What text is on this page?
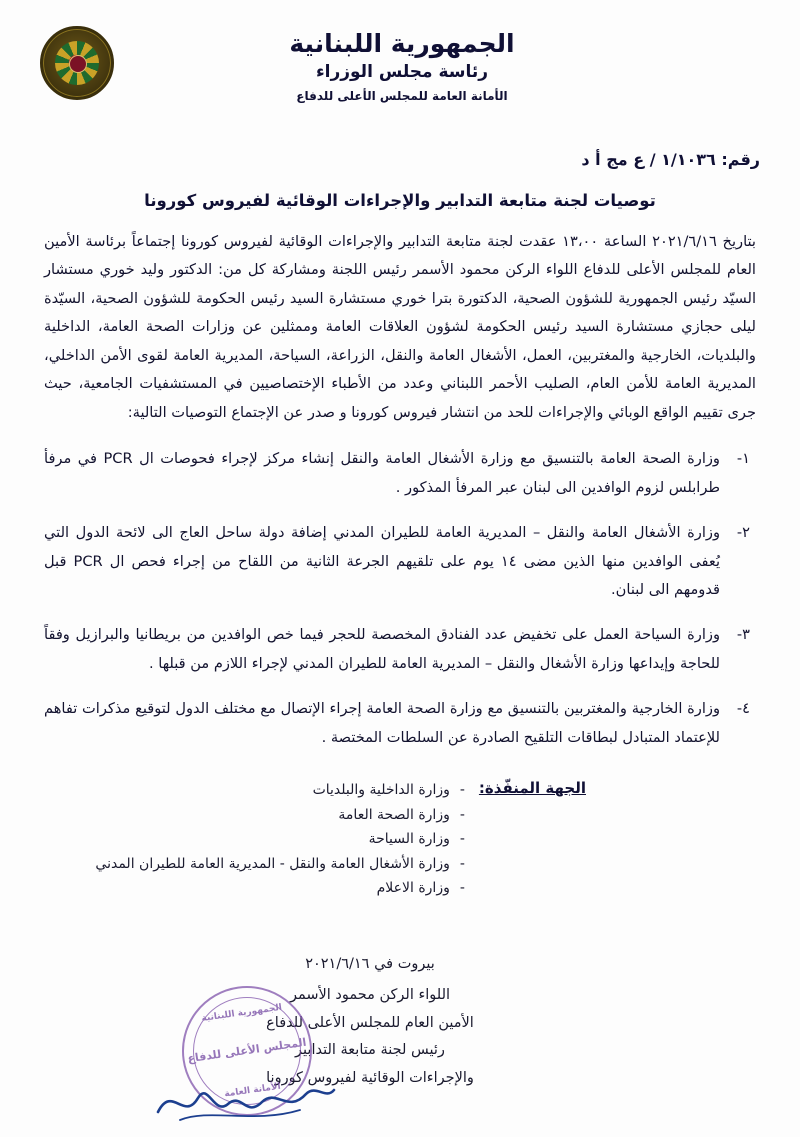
الجمهورية اللبنانية
رئاسة مجلس الوزراء
الأمانة العامة للمجلس الأعلى للدفاع
رقم: ١/١٠٣٦ / ع مج أ د
توصيات لجنة متابعة التدابير والإجراءات الوقائية لفيروس كورونا
بتاريخ ٢٠٢١/٦/١٦ الساعة ١٣،٠٠ عقدت لجنة متابعة التدابير والإجراءات الوقائية لفيروس كورونا إجتماعاً برئاسة الأمين العام للمجلس الأعلى للدفاع اللواء الركن محمود الأسمر رئيس اللجنة ومشاركة كل من: الدكتور وليد خوري مستشار السيّد رئيس الجمهورية للشؤون الصحية، الدكتورة بترا خوري مستشارة السيد رئيس الحكومة للشؤون الصحية، السيّدة ليلى حجازي مستشارة السيد رئيس الحكومة لشؤون العلاقات العامة وممثلين عن وزارات الصحة العامة، الداخلية والبلديات، الخارجية والمغتربين، العمل، الأشغال العامة والنقل، الزراعة، السياحة، المديرية العامة لقوى الأمن الداخلي، المديرية العامة للأمن العام، الصليب الأحمر اللبناني وعدد من الأطباء الإختصاصيين في المستشفيات الجامعية، حيث جرى تقييم الواقع الوبائي والإجراءات للحد من انتشار فيروس كورونا و صدر عن الإجتماع التوصيات التالية:
١-
وزارة الصحة العامة بالتنسيق مع وزارة الأشغال العامة والنقل إنشاء مركز لإجراء فحوصات ال PCR في مرفأ طرابلس لزوم الوافدين الى لبنان عبر المرفأ المذكور .
٢-
وزارة الأشغال العامة والنقل – المديرية العامة للطيران المدني إضافة دولة ساحل العاج الى لائحة الدول التي يُعفى الوافدين منها الذين مضى ١٤ يوم على تلقيهم الجرعة الثانية من اللقاح من إجراء فحص ال PCR قبل قدومهم الى لبنان.
٣-
وزارة السياحة العمل على تخفيض عدد الفنادق المخصصة للحجر فيما خص الوافدين من بريطانيا والبرازيل وفقاً للحاجة وإيداعها وزارة الأشغال والنقل – المديرية العامة للطيران المدني لإجراء اللازم من قبلها .
٤-
وزارة الخارجية والمغتربين بالتنسيق مع وزارة الصحة العامة إجراء الإتصال مع مختلف الدول لتوقيع مذكرات تفاهم للإعتماد المتبادل لبطاقات التلقيح الصادرة عن السلطات المختصة .
الجهة المنفّذة:
-
وزارة الداخلية والبلديات
-
وزارة الصحة العامة
-
وزارة السياحة
-
وزارة الأشغال العامة والنقل - المديرية العامة للطيران المدني
-
وزارة الاعلام
بيروت في ٢٠٢١/٦/١٦
اللواء الركن محمود الأسمر
الأمين العام للمجلس الأعلى للدفاع
رئيس لجنة متابعة التدابير
والإجراءات الوقائية لفيروس كورونا
الجمهورية اللبنانية
المجلس الأعلى للدفاع
الأمانة العامة
